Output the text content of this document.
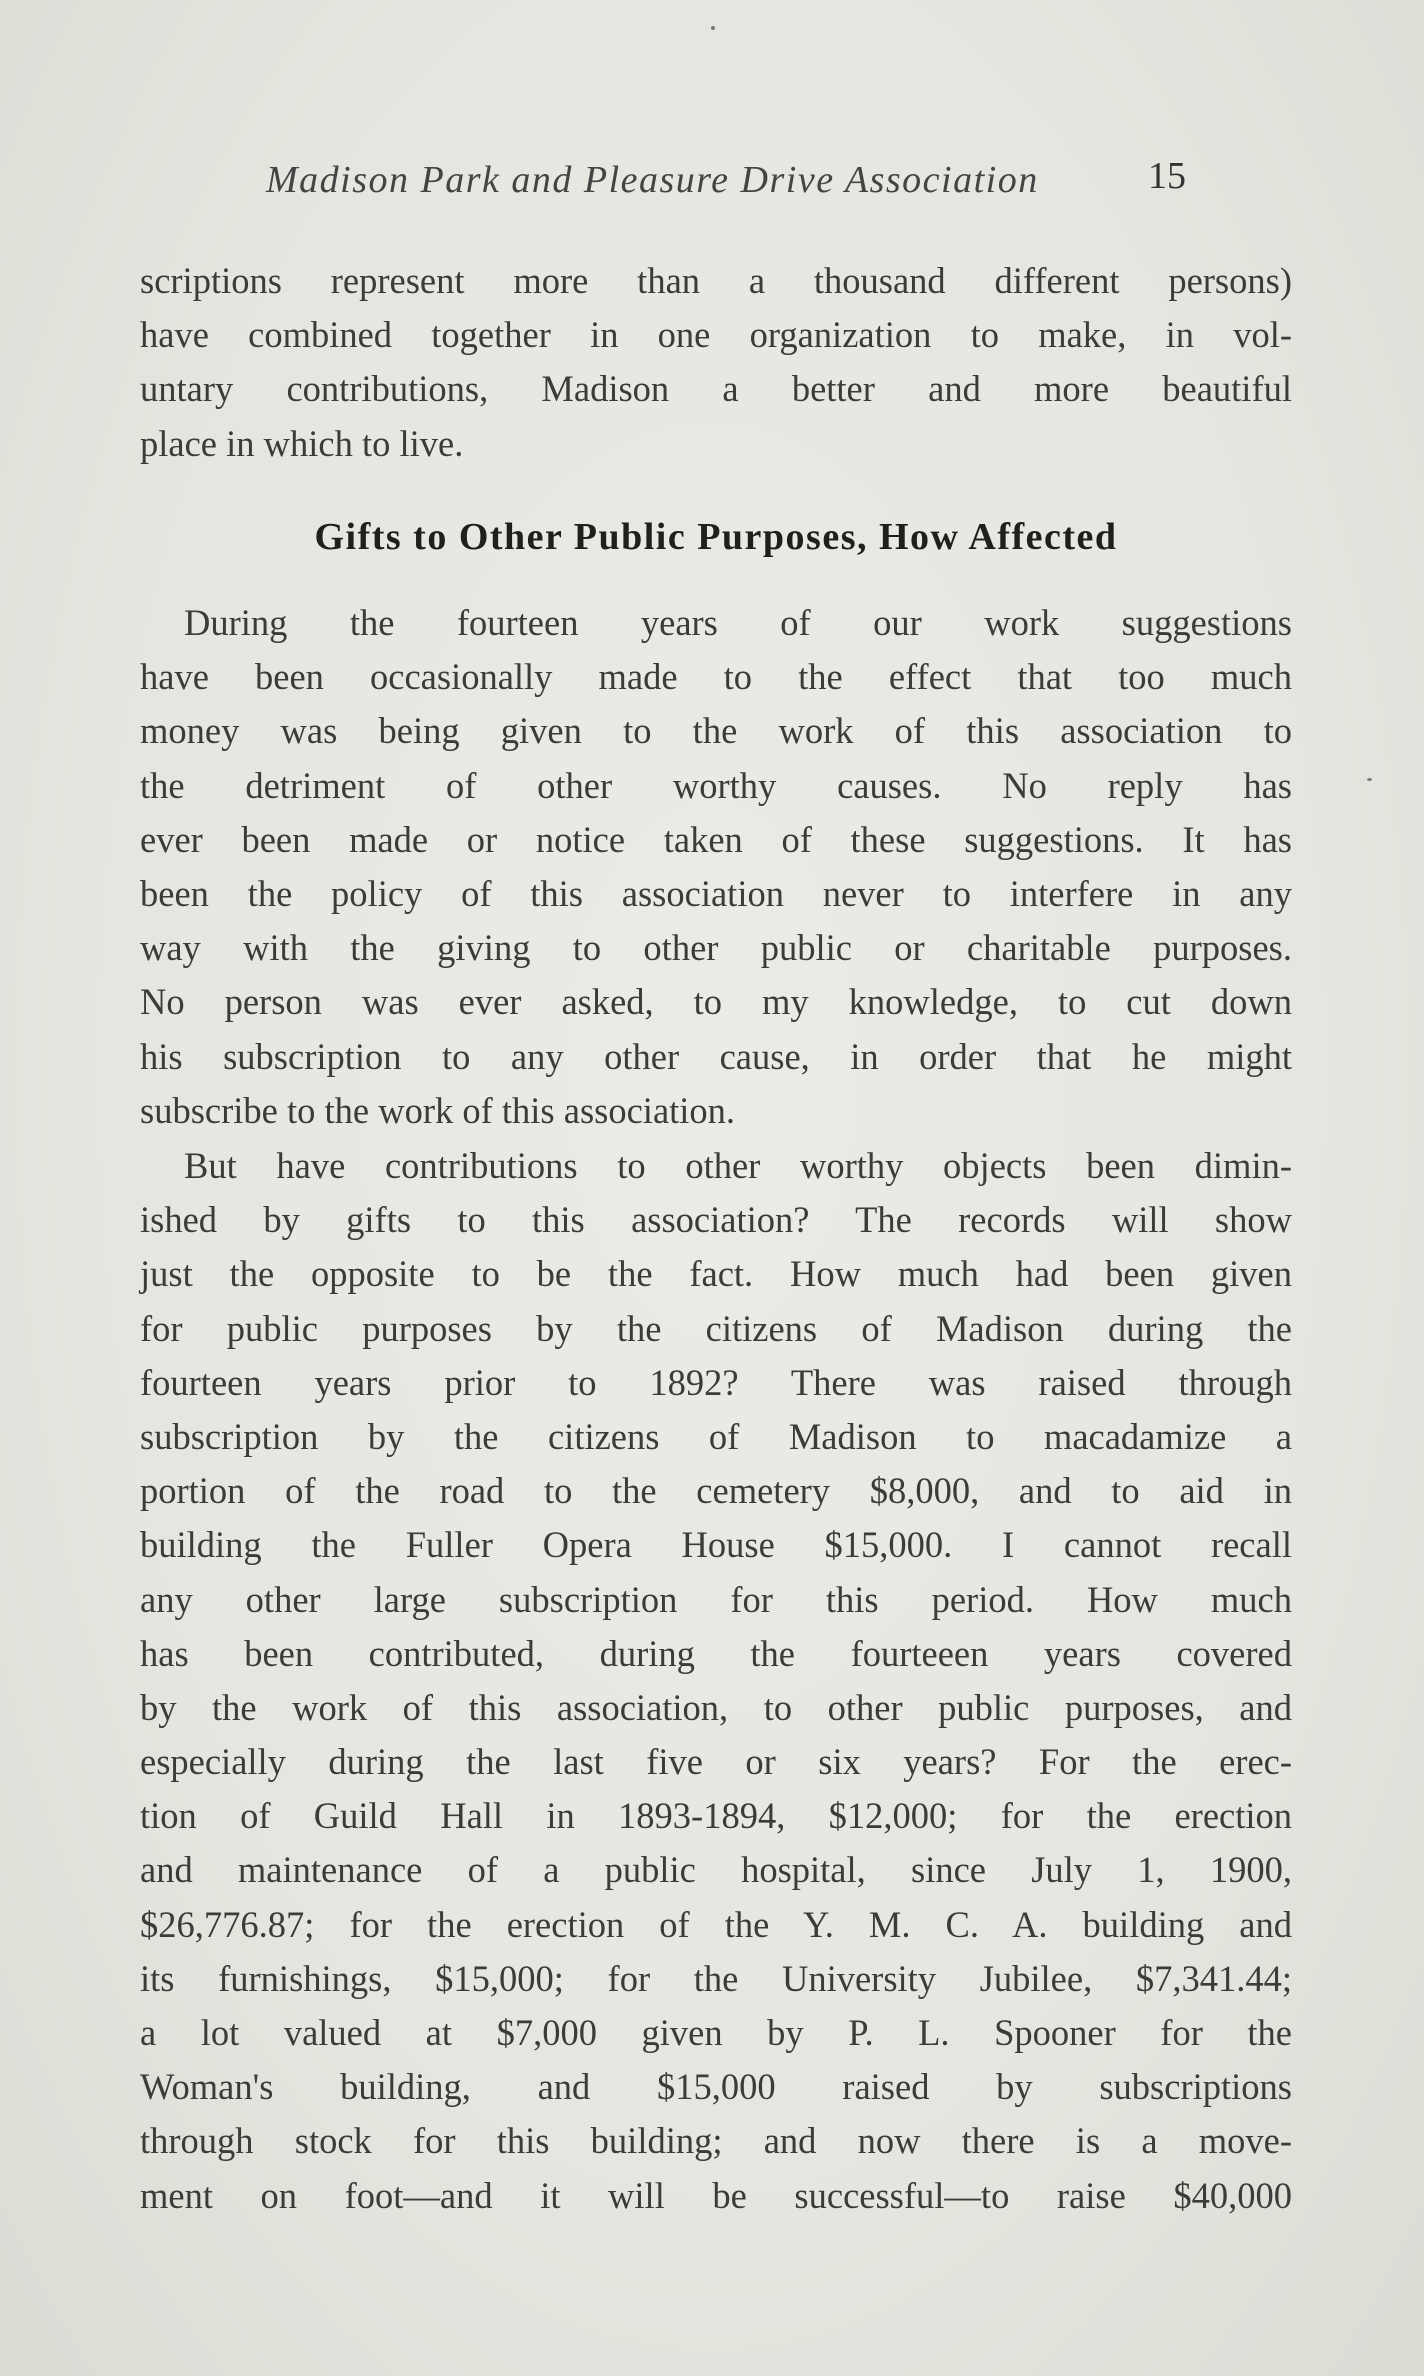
Madison Park and Pleasure Drive Association	15
scriptions represent more than a thousand different persons)
have combined together in one organization to make, in vol-
untary contributions, Madison a better and more beautiful
place in which to live.
Gifts to Other Public Purposes, How Affected
During the fourteen years of our work suggestions
have been occasionally made to the effect that too much
money was being given to the work of this association to
the detriment of other worthy causes. No reply has
ever been made or notice taken of these suggestions. It has
been the policy of this association never to interfere in any
way with the giving to other public or charitable purposes.
No person was ever asked, to my knowledge, to cut down
his subscription to any other cause, in order that he might
subscribe to the work of this association.
But have contributions to other worthy objects been dimin-
ished by gifts to this association? The records will show
just the opposite to be the fact. How much had been given
for public purposes by the citizens of Madison during the
fourteen years prior to 1892? There was raised through
subscription by the citizens of Madison to macadamize a
portion of the road to the cemetery $8,000, and to aid in
building the Fuller Opera House $15,000. I cannot recall
any other large subscription for this period. How much
has been contributed, during the fourteeen years covered
by the work of this association, to other public purposes, and
especially during the last five or six years? For the erec-
tion of Guild Hall in 1893-1894, $12,000; for the erection
and maintenance of a public hospital, since July 1, 1900,
$26,776.87; for the erection of the Y. M. C. A. building and
its furnishings, $15,000; for the University Jubilee, $7,341.44;
a lot valued at $7,000 given by P. L. Spooner for the
Woman's building, and $15,000 raised by subscriptions
through stock for this building; and now there is a move-
ment on foot—and it will be successful—to raise $40,000
